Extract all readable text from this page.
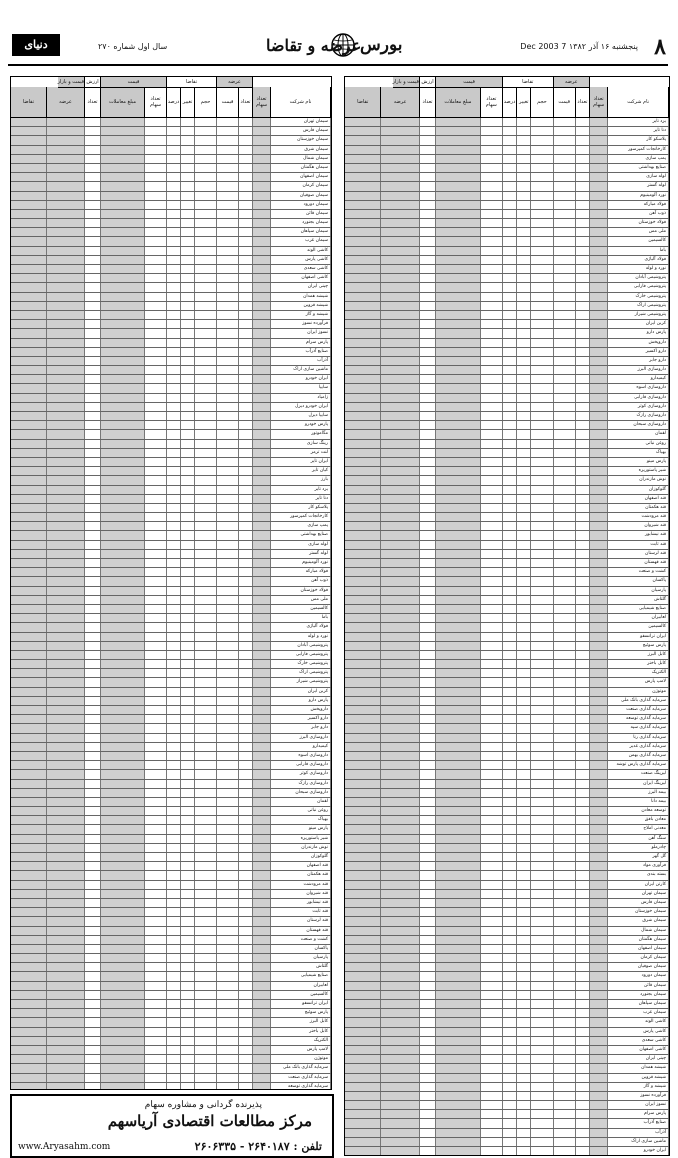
۸
پنجشنبه ۱۶ آذر ۱۳۸۲ 7 Dec 2003
عرضه و تقاضا
بورس
سال اول شماره ۲۷۰
دنیای اقتصاد
نام شرکت
تعداد سهام
تعداد
قیمت
حجم
تغییر
درصد
تعداد سهام
مبلغ معاملات
تعداد
عرضه
تقاضا
عرضه
تقاضا
قیمت
ارزش
قیمت و بازار
سیمان تهران
سیمان فارس
سیمان خوزستان
سیمان شرق
سیمان شمال
سیمان هگمتان
سیمان اصفهان
سیمان کرمان
سیمان صوفیان
سیمان دورود
سیمان قائن
سیمان بجنورد
سیمان سپاهان
سیمان غرب
کاشی الوند
کاشی پارس
کاشی سعدی
کاشی اصفهان
چینی ایران
شیشه همدان
شیشه قزوین
شیشه و گاز
فرآورده نسوز
نسوز ایران
پارس سرام
صنایع آذرآب
آذرآب
ماشین سازی اراک
ایران خودرو
سایپا
زامیاد
ایران خودرو دیزل
سایپا دیزل
پارس خودرو
مگاموتور
رینگ سازی
لنت ترمز
ایران تایر
کیان تایر
بارز
یزد تایر
دنا تایر
پلاسکو کار
کارخانجات کمپرسور
پمپ سازی
صنایع بهداشتی
لوله سازی
لوله گستر
نورد آلومینیوم
فولاد مبارکه
ذوب آهن
فولاد خوزستان
ملی مس
کالسیمین
باما
فولاد آلیاژی
نورد و لوله
پتروشیمی آبادان
پتروشیمی فارابی
پتروشیمی خارک
پتروشیمی اراک
پتروشیمی شیراز
کربن ایران
پارس دارو
داروپخش
دارو اکسیر
دارو جابر
داروسازی البرز
کیمیدارو
داروسازی اسوه
داروسازی فارابی
داروسازی کوثر
داروسازی رازک
داروسازی سبحان
لقمان
روغن نباتی
بهپاک
پارس مینو
شیر پاستوریزه
نوش مازندران
گلوکوزان
قند اصفهان
قند هکمتان
قند مرودشت
قند شیروان
قند نیشابور
قند ثابت
قند لرستان
قند قهستان
کشت و صنعت
پاکسان
پارسیان
گلتاش
صنایع شیمیایی
لعابیران
کالسیمین
ایران ترانسفو
پارس سوئیچ
کابل البرز
کابل باختر
الکتریک
لامپ پارس
موتوژن
سرمایه گذاری بانک ملی
سرمایه گذاری صنعت
سرمایه گذاری توسعه
نام شرکت
تعداد سهام
تعداد
قیمت
حجم
تغییر
درصد
تعداد سهام
مبلغ معاملات
تعداد
عرضه
تقاضا
عرضه
تقاضا
قیمت
ارزش
قیمت و بازار
یزد تایر
دنا تایر
پلاسکو کار
کارخانجات کمپرسور
پمپ سازی
صنایع بهداشتی
لوله سازی
لوله گستر
نورد آلومینیوم
فولاد مبارکه
ذوب آهن
فولاد خوزستان
ملی مس
کالسیمین
باما
فولاد آلیاژی
نورد و لوله
پتروشیمی آبادان
پتروشیمی فارابی
پتروشیمی خارک
پتروشیمی اراک
پتروشیمی شیراز
کربن ایران
پارس دارو
داروپخش
دارو اکسیر
دارو جابر
داروسازی البرز
کیمیدارو
داروسازی اسوه
داروسازی فارابی
داروسازی کوثر
داروسازی رازک
داروسازی سبحان
لقمان
روغن نباتی
بهپاک
پارس مینو
شیر پاستوریزه
نوش مازندران
گلوکوزان
قند اصفهان
قند هکمتان
قند مرودشت
قند شیروان
قند نیشابور
قند ثابت
قند لرستان
قند قهستان
کشت و صنعت
پاکسان
پارسیان
گلتاش
صنایع شیمیایی
لعابیران
کالسیمین
ایران ترانسفو
پارس سوئیچ
کابل البرز
کابل باختر
الکتریک
لامپ پارس
موتوژن
سرمایه گذاری بانک ملی
سرمایه گذاری صنعت
سرمایه گذاری توسعه
سرمایه گذاری سپه
سرمایه گذاری رنا
سرمایه گذاری غدیر
سرمایه گذاری بهمن
سرمایه گذاری پارس توشه
لیزینگ صنعت
لیزینگ ایران
بیمه البرز
بیمه دانا
توسعه معادن
معادن بافق
معدنی املاح
سنگ آهن
چادرملو
گل گهر
فرآوری مواد
بسته بندی
کارتن ایران
سیمان تهران
سیمان فارس
سیمان خوزستان
سیمان شرق
سیمان شمال
سیمان هگمتان
سیمان اصفهان
سیمان کرمان
سیمان صوفیان
سیمان دورود
سیمان قائن
سیمان بجنورد
سیمان سپاهان
سیمان غرب
کاشی الوند
کاشی پارس
کاشی سعدی
کاشی اصفهان
چینی ایران
شیشه همدان
شیشه قزوین
شیشه و گاز
فرآورده نسوز
نسوز ایران
پارس سرام
صنایع آذرآب
آذرآب
ماشین سازی اراک
ایران خودرو
پذیرنده گردانی و مشاوره سهام
مرکز مطالعات اقتصادی آریاسهم
تلفن : ۲۶۴۰۱۸۷ - ۲۶۰۶۳۳۵
www.Aryasahm.com
